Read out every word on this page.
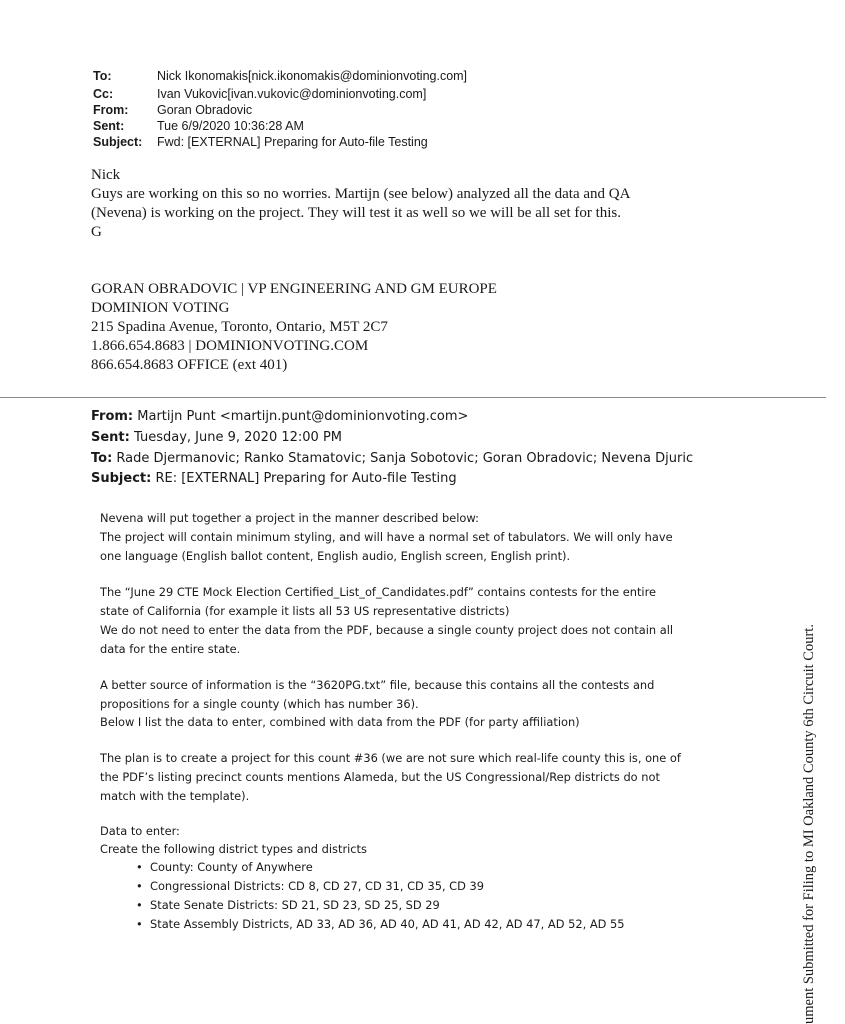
To:	Nick Ikonomakis[nick.ikonomakis@dominionvoting.com]
Cc:	Ivan Vukovic[ivan.vukovic@dominionvoting.com]
From: Goran Obradovic
Sent:	Tue 6/9/2020 10:36:28 AM
Subject: Fwd: [EXTERNAL] Preparing for Auto-file Testing
Nick
Guys are working on this so no worries. Martijn (see below) analyzed all the data and QA
(Nevena) is working on the project. They will test it as well so we will be all set for this.
G
GORAN OBRADOVIC | VP ENGINEERING AND GM EUROPE
DOMINION VOTING
215 Spadina Avenue, Toronto, Ontario, M5T 2C7
1.866.654.8683 | DOMINIONVOTING.COM
866.654.8683 OFFICE (ext 401)
From: Martijn Punt <martijn.punt@dominionvoting.com>
Sent: Tuesday, June 9, 2020 12:00 PM
To: Rade Djermanovic; Ranko Stamatovic; Sanja Sobotovic; Goran Obradovic; Nevena Djuric
Subject: RE: [EXTERNAL] Preparing for Auto-file Testing
Nevena will put together a project in the manner described below:
The project will contain minimum styling, and will have a normal set of tabulators. We will only have
one language (English ballot content, English audio, English screen, English print).
The “June 29 CTE Mock Election Certified_List_of_Candidates.pdf” contains contests for the entire
state of California (for example it lists all 53 US representative districts)
We do not need to enter the data from the PDF, because a single county project does not contain all
data for the entire state.
A better source of information is the “3620PG.txt” file, because this contains all the contests and
propositions for a single county (which has number 36).
Below I list the data to enter, combined with data from the PDF (for party affiliation)
The plan is to create a project for this count #36 (we are not sure which real-life county this is, one of
the PDF’s listing precinct counts mentions Alameda, but the US Congressional/Rep districts do not
match with the template).
Data to enter:
Create the following district types and districts
• County: County of Anywhere
• Congressional Districts: CD 8, CD 27, CD 31, CD 35, CD 39
• State Senate Districts: SD 21, SD 23, SD 25, SD 29
• State Assembly Districts, AD 33, AD 36, AD 40, AD 41, AD 42, AD 47, AD 52, AD 55	ument Submitted for Filing to MI Oakland County 6th Circuit Court.
